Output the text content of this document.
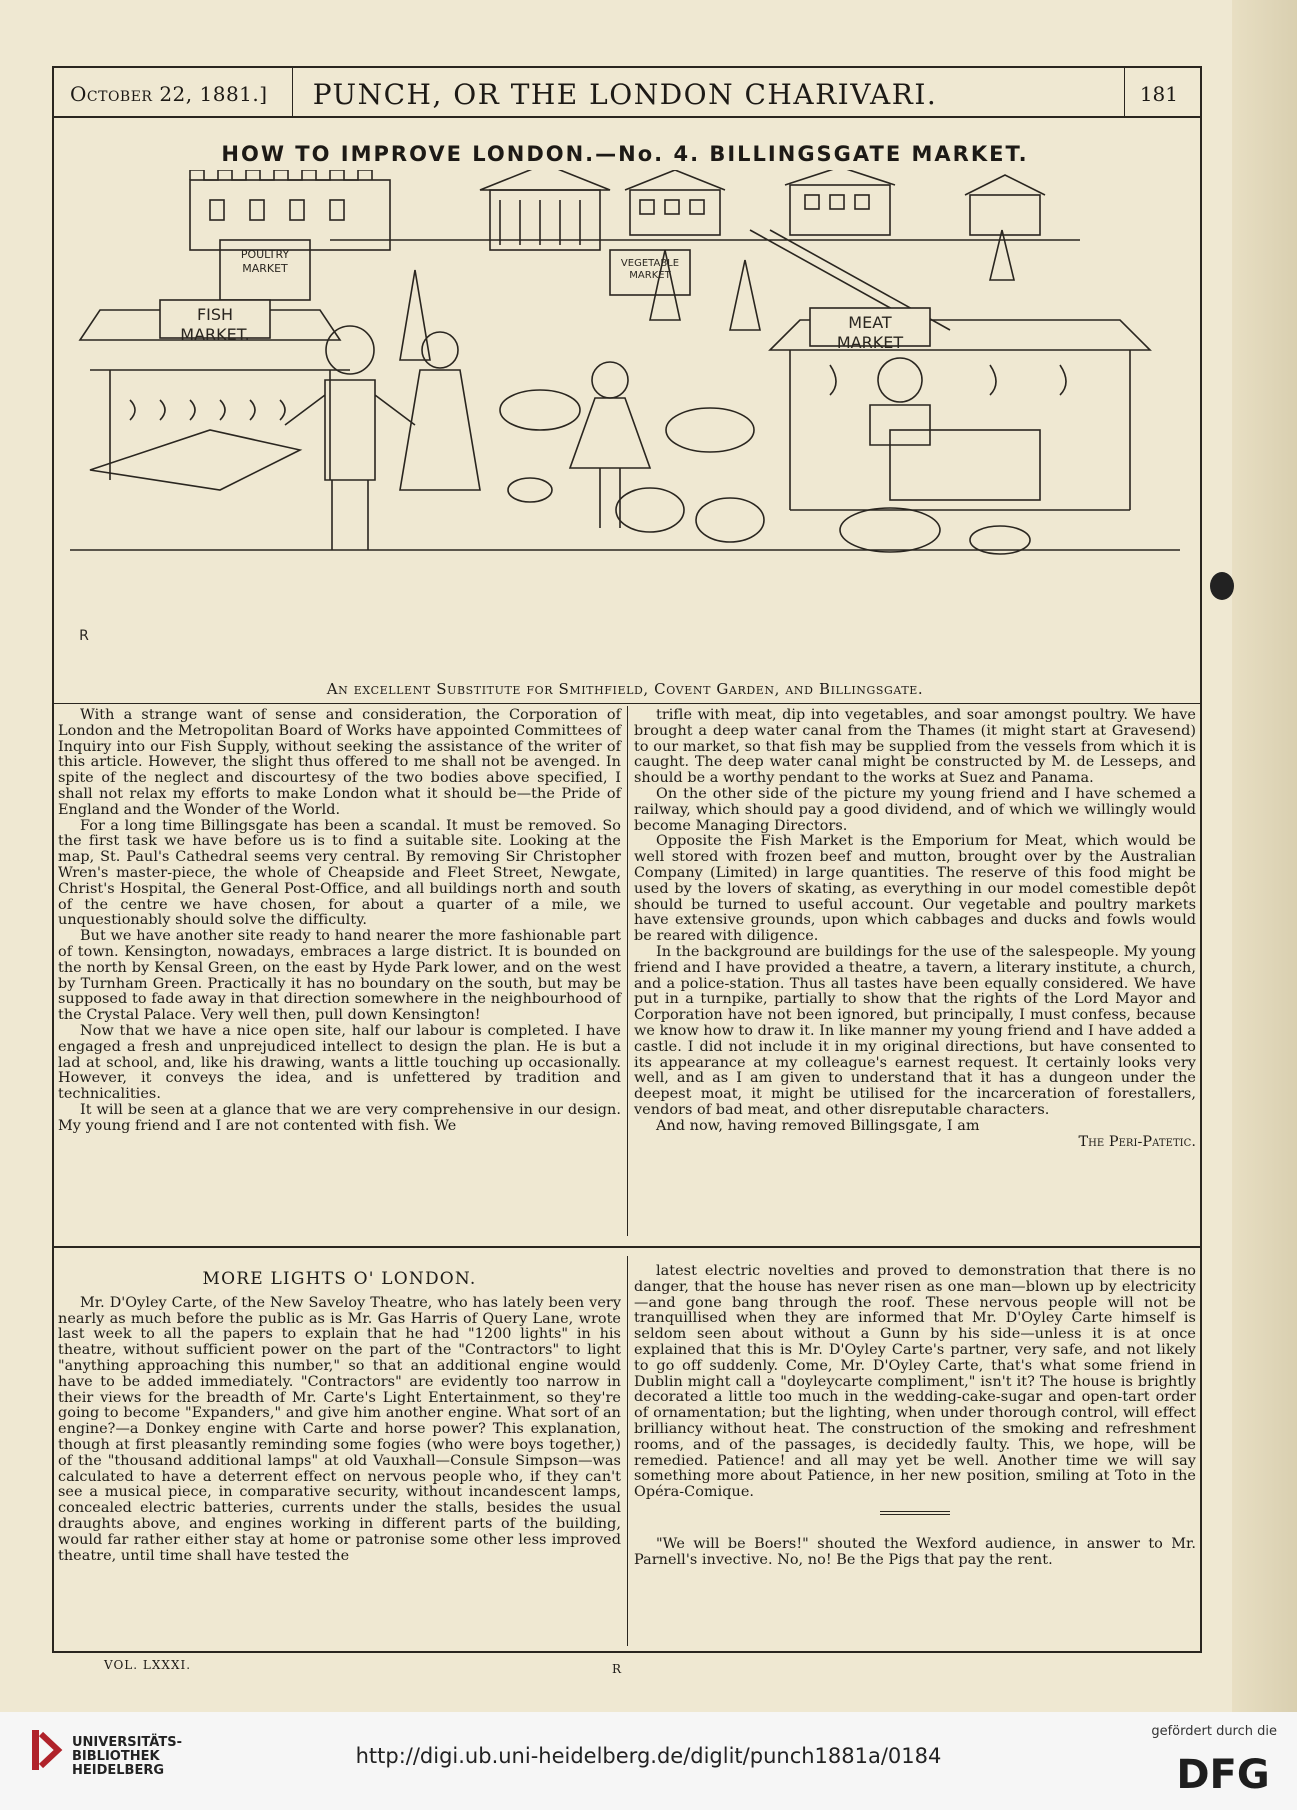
October 22, 1881.]	PUNCH, OR THE LONDON CHARIVARI.	181
HOW TO IMPROVE LONDON.—No. 4. BILLINGSGATE MARKET.
FISH
MARKET.
MEAT
MARKET
POULTRY
MARKET	VEGETABLE
MARKET
R
An excellent Substitute for Smithfield, Covent Garden, and Billingsgate.

With a strange want of sense and consideration, the Corporation of London and the Metropolitan Board of Works have appointed Committees of Inquiry into our Fish Supply, without seeking the assistance of the writer of this article. However, the slight thus offered to me shall not be avenged. In spite of the neglect and discourtesy of the two bodies above specified, I shall not relax my efforts to make London what it should be—the Pride of England and the Wonder of the World.

For a long time Billingsgate has been a scandal. It must be removed. So the first task we have before us is to find a suitable site. Looking at the map, St. Paul's Cathedral seems very central. By removing Sir Christopher Wren's master-piece, the whole of Cheapside and Fleet Street, Newgate, Christ's Hospital, the General Post-Office, and all buildings north and south of the centre we have chosen, for about a quarter of a mile, we unquestionably should solve the difficulty.

But we have another site ready to hand nearer the more fashionable part of town. Kensington, nowadays, embraces a large district. It is bounded on the north by Kensal Green, on the east by Hyde Park lower, and on the west by Turnham Green. Practically it has no boundary on the south, but may be supposed to fade away in that direction somewhere in the neighbourhood of the Crystal Palace. Very well then, pull down Kensington!

Now that we have a nice open site, half our labour is completed. I have engaged a fresh and unprejudiced intellect to design the plan. He is but a lad at school, and, like his drawing, wants a little touching up occasionally. However, it conveys the idea, and is unfettered by tradition and technicalities.

It will be seen at a glance that we are very comprehensive in our design. My young friend and I are not contented with fish. We

trifle with meat, dip into vegetables, and soar amongst poultry. We have brought a deep water canal from the Thames (it might start at Gravesend) to our market, so that fish may be supplied from the vessels from which it is caught. The deep water canal might be constructed by M. de Lesseps, and should be a worthy pendant to the works at Suez and Panama.

On the other side of the picture my young friend and I have schemed a railway, which should pay a good dividend, and of which we willingly would become Managing Directors.

Opposite the Fish Market is the Emporium for Meat, which would be well stored with frozen beef and mutton, brought over by the Australian Company (Limited) in large quantities. The reserve of this food might be used by the lovers of skating, as everything in our model comestible depôt should be turned to useful account. Our vegetable and poultry markets have extensive grounds, upon which cabbages and ducks and fowls would be reared with diligence.

In the background are buildings for the use of the salespeople. My young friend and I have provided a theatre, a tavern, a literary institute, a church, and a police-station. Thus all tastes have been equally considered. We have put in a turnpike, partially to show that the rights of the Lord Mayor and Corporation have not been ignored, but principally, I must confess, because we know how to draw it. In like manner my young friend and I have added a castle. I did not include it in my original directions, but have consented to its appearance at my colleague's earnest request. It certainly looks very well, and as I am given to understand that it has a dungeon under the deepest moat, it might be utilised for the incarceration of forestallers, vendors of bad meat, and other disreputable characters.

And now, having removed Billingsgate, I am

The Peri-Patetic.

MORE LIGHTS O' LONDON.

Mr. D'Oyley Carte, of the New Saveloy Theatre, who has lately been very nearly as much before the public as is Mr. Gas Harris of Query Lane, wrote last week to all the papers to explain that he had "1200 lights" in his theatre, without sufficient power on the part of the "Contractors" to light "anything approaching this number," so that an additional engine would have to be added immediately. "Contractors" are evidently too narrow in their views for the breadth of Mr. Carte's Light Entertainment, so they're going to become "Expanders," and give him another engine. What sort of an engine?—a Donkey engine with Carte and horse power? This explanation, though at first pleasantly reminding some fogies (who were boys together,) of the "thousand additional lamps" at old Vauxhall—Consule Simpson—was calculated to have a deterrent effect on nervous people who, if they can't see a musical piece, in comparative security, without incandescent lamps, concealed electric batteries, currents under the stalls, besides the usual draughts above, and engines working in different parts of the building, would far rather either stay at home or patronise some other less improved theatre, until time shall have tested the

latest electric novelties and proved to demonstration that there is no danger, that the house has never risen as one man—blown up by electricity—and gone bang through the roof. These nervous people will not be tranquillised when they are informed that Mr. D'Oyley Carte himself is seldom seen about without a Gunn by his side—unless it is at once explained that this is Mr. D'Oyley Carte's partner, very safe, and not likely to go off suddenly. Come, Mr. D'Oyley Carte, that's what some friend in Dublin might call a "doyleycarte compliment," isn't it? The house is brightly decorated a little too much in the wedding-cake-sugar and open-tart order of ornamentation; but the lighting, when under thorough control, will effect brilliancy without heat. The construction of the smoking and refreshment rooms, and of the passages, is decidedly faulty. This, we hope, will be remedied. Patience! and all may yet be well. Another time we will say something more about Patience, in her new position, smiling at Toto in the Opéra-Comique.

"We will be Boers!" shouted the Wexford audience, in answer to Mr. Parnell's invective. No, no! Be the Pigs that pay the rent.

VOL. LXXXI.	R
UNIVERSITÄTS-
BIBLIOTHEK
HEIDELBERG
http://digi.ub.uni-heidelberg.de/diglit/punch1881a/0184
gefördert durch die
DFG
